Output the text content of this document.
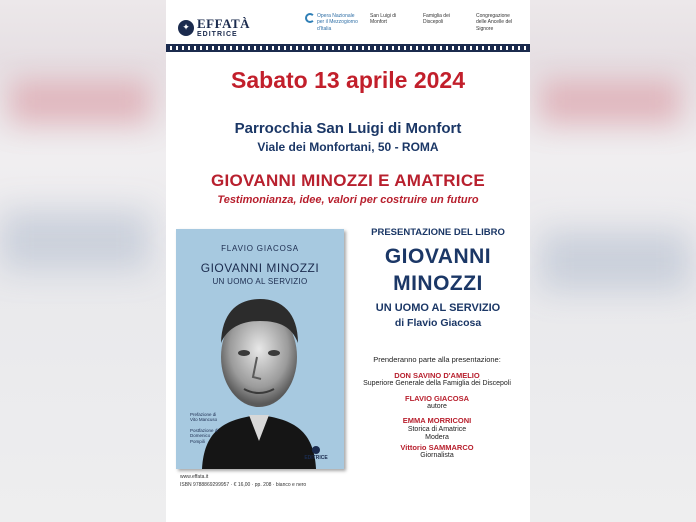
✦ EFFATÀ
EDITRICE
Opera Nazionale per il Mezzogiorno d'Italia
San Luigi di Monfort
Famiglia dei Discepoli
Congregazione delle Ancelle del Signore
Sabato 13 aprile 2024
Parrocchia San Luigi di Monfort
Viale dei Monfortani, 50 - ROMA
GIOVANNI MINOZZI E AMATRICE
Testimonianza, idee, valori per costruire un futuro
FLAVIO GIACOSA
GIOVANNI MINOZZI
UN UOMO AL SERVIZIO
Prefazione di Vito Mancuso
Postfazione di Domenico Pompili
EDITRICE
www.effata.it
ISBN 9788869299957 · € 16,00 · pp. 208 · bianco e nero
PRESENTAZIONE DEL LIBRO
GIOVANNI
MINOZZI
UN UOMO AL SERVIZIO
di Flavio Giacosa
Prenderanno parte alla presentazione:
DON SAVINO D'AMELIO
Superiore Generale della Famiglia dei Discepoli
FLAVIO GIACOSA
autore
EMMA MORRICONI
Storica di Amatrice
Modera
Vittorio SAMMARCO
Giornalista
